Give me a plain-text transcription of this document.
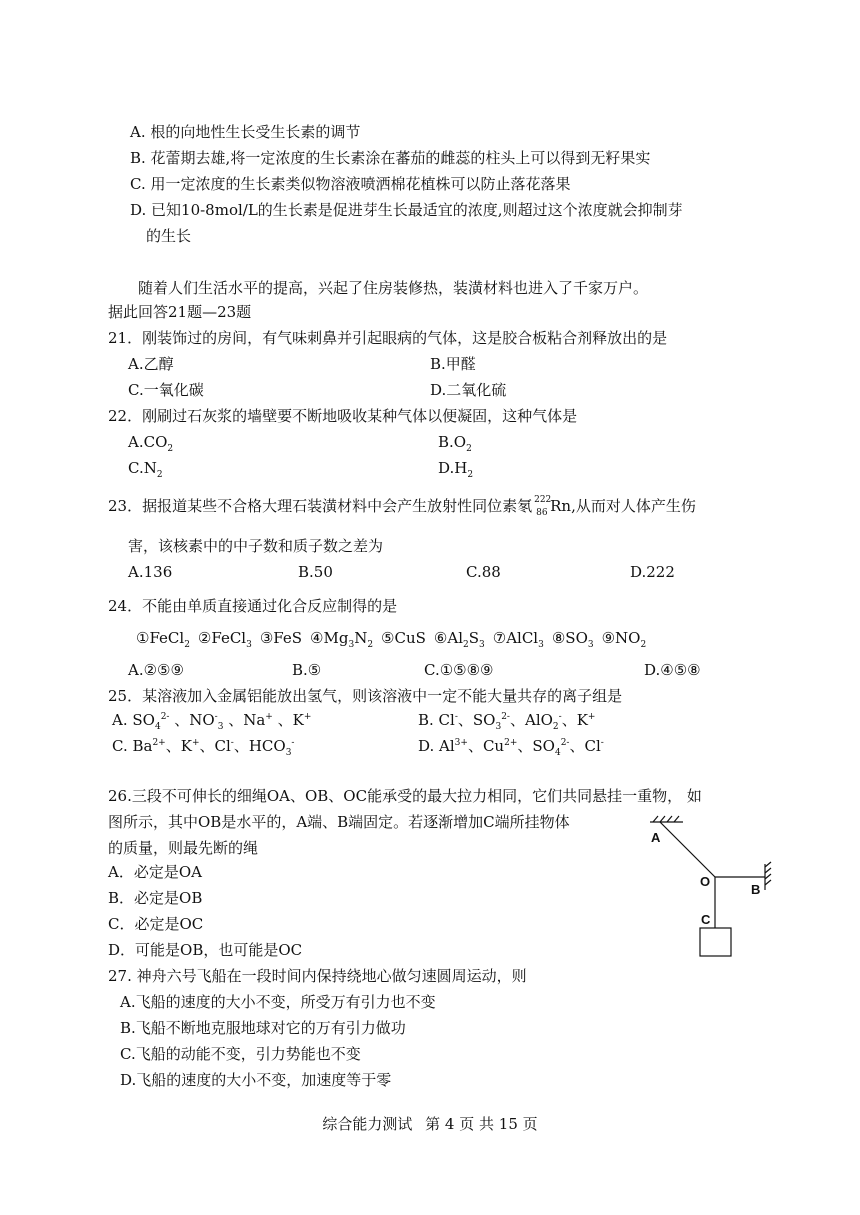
A. 根的向地性生长受生长素的调节
B. 花蕾期去雄,将一定浓度的生长素涂在蕃茄的雌蕊的柱头上可以得到无籽果实
C. 用一定浓度的生长素类似物溶液喷洒棉花植株可以防止落花落果
D. 已知10-8mol/L的生长素是促进芽生长最适宜的浓度,则超过这个浓度就会抑制芽
的生长
随着人们生活水平的提高，兴起了住房装修热，装潢材料也进入了千家万户。
据此回答21题—23题
21．刚装饰过的房间，有气味刺鼻并引起眼病的气体，这是胶合板粘合剂释放出的是
A.乙醇	B.甲醛
C.一氧化碳	D.二氧化硫
22．刚刷过石灰浆的墙壁要不断地吸收某种气体以便凝固，这种气体是
$A.CO_2$	$B.O_2$
$C.N_2$	$D.H_2$
23．据报道某些不合格大理石装潢材料中会产生放射性同位素氡 222
86 Rn,从而对人体产生伤
害，该核素中的中子数和质子数之差为
A.136	B.50	C.88	D.222
24．不能由单质直接通过化合反应制得的是
①FeCl$_2$ ②FeCl$_3$ ③FeS $④Mg_3N_2$ ⑤CuS $⑥Al_2S_3$ ⑦AlCl$_3$ $⑧SO_3$ $⑨NO_2$
A.②⑤⑨	B.⑤	C.①⑤⑧⑨	D.④⑤⑧
25．某溶液加入金属铝能放出氢气，则该溶液中一定不能大量共存的离子组是
A. $SO_4^{2-}$ 、$NO^-_3$ 、Na+ 、K+	B. Cl-、$SO_3^{2-}$、AlO$_2$-、K+
C. $Ba^{2+}$、K+、Cl-、$HCO_3^-$	D. $Al^{3+}$、$Cu^{2+}$、$SO_4^{2-}$、Cl-
26.三段不可伸长的细绳OA、OB、OC能承受的最大拉力相同，它们共同悬挂一重物， 如
图所示，其中OB是水平的，A端、B端固定。若逐渐增加C端所挂物体
的质量，则最先断的绳
A．必定是OA
B．必定是OB
C．必定是OC
D．可能是OB，也可能是OC
A
O
B
C
27. 神舟六号飞船在一段时间内保持绕地心做匀速圆周运动，则
A.飞船的速度的大小不变，所受万有引力也不变
B.飞船不断地克服地球对它的万有引力做功
C.飞船的动能不变，引力势能也不变
D.飞船的速度的大小不变，加速度等于零
综合能力测试 第 4 页 共 15 页
